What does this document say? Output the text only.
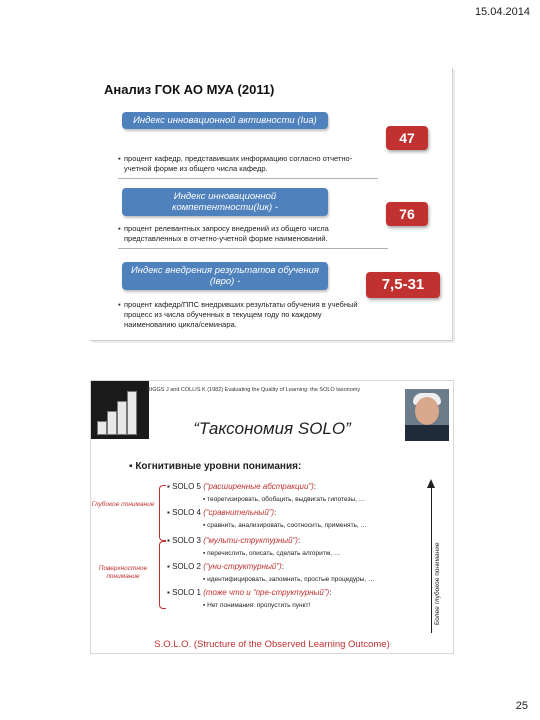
15.04.2014
Анализ ГОК АО МУА (2011)
Индекс инновационной активности (Iиа)
47
▪ процент кафедр, представивших информацию согласно отчетно-учетной форме из общего числа кафедр.
Индекс инновационной компетентности(Iик) -	76
▪ процент релевантных запросу внедрений из общего числа представленных в отчетно-учетной форме наименований.
Индекс внедрения результатов обучения (Iвро) -	7,5-31
▪ процент кафедр/ППС внедривших результаты обучения в учебный процесс из числа обученных в текущем году по каждому наименованию цикла/семинара.
BIGGS J and COLLIS K (1982) Evaluating the Quality of Learning: the SOLO taxonomy
“Таксономия SOLO”
▪ Когнитивные уровни понимания:
▪ SOLO 5 (“расширенные абстракции”):
▪ теоретизировать, обобщить, выдвигать гипотезы, …
▪ SOLO 4 (“сравнительный”):
▪ сравнить, анализировать, соотносить, применять, …
▪ SOLO 3 (“мульти-структурный”):
▪ перечислить, описать, сделать алгоритм, …
▪ SOLO 2 (“уни-структурный”):
▪ идентифицировать, запомнить, простые процедуры, …
▪ SOLO 1 (тоже что и “пре-структурный”):
▪ Нет понимания: пропустить пункт!
Глубокое понимание
Поверхностное понимание	Более глубокое понимание
S.O.L.O. (Structure of the Observed Learning Outcome)
25
